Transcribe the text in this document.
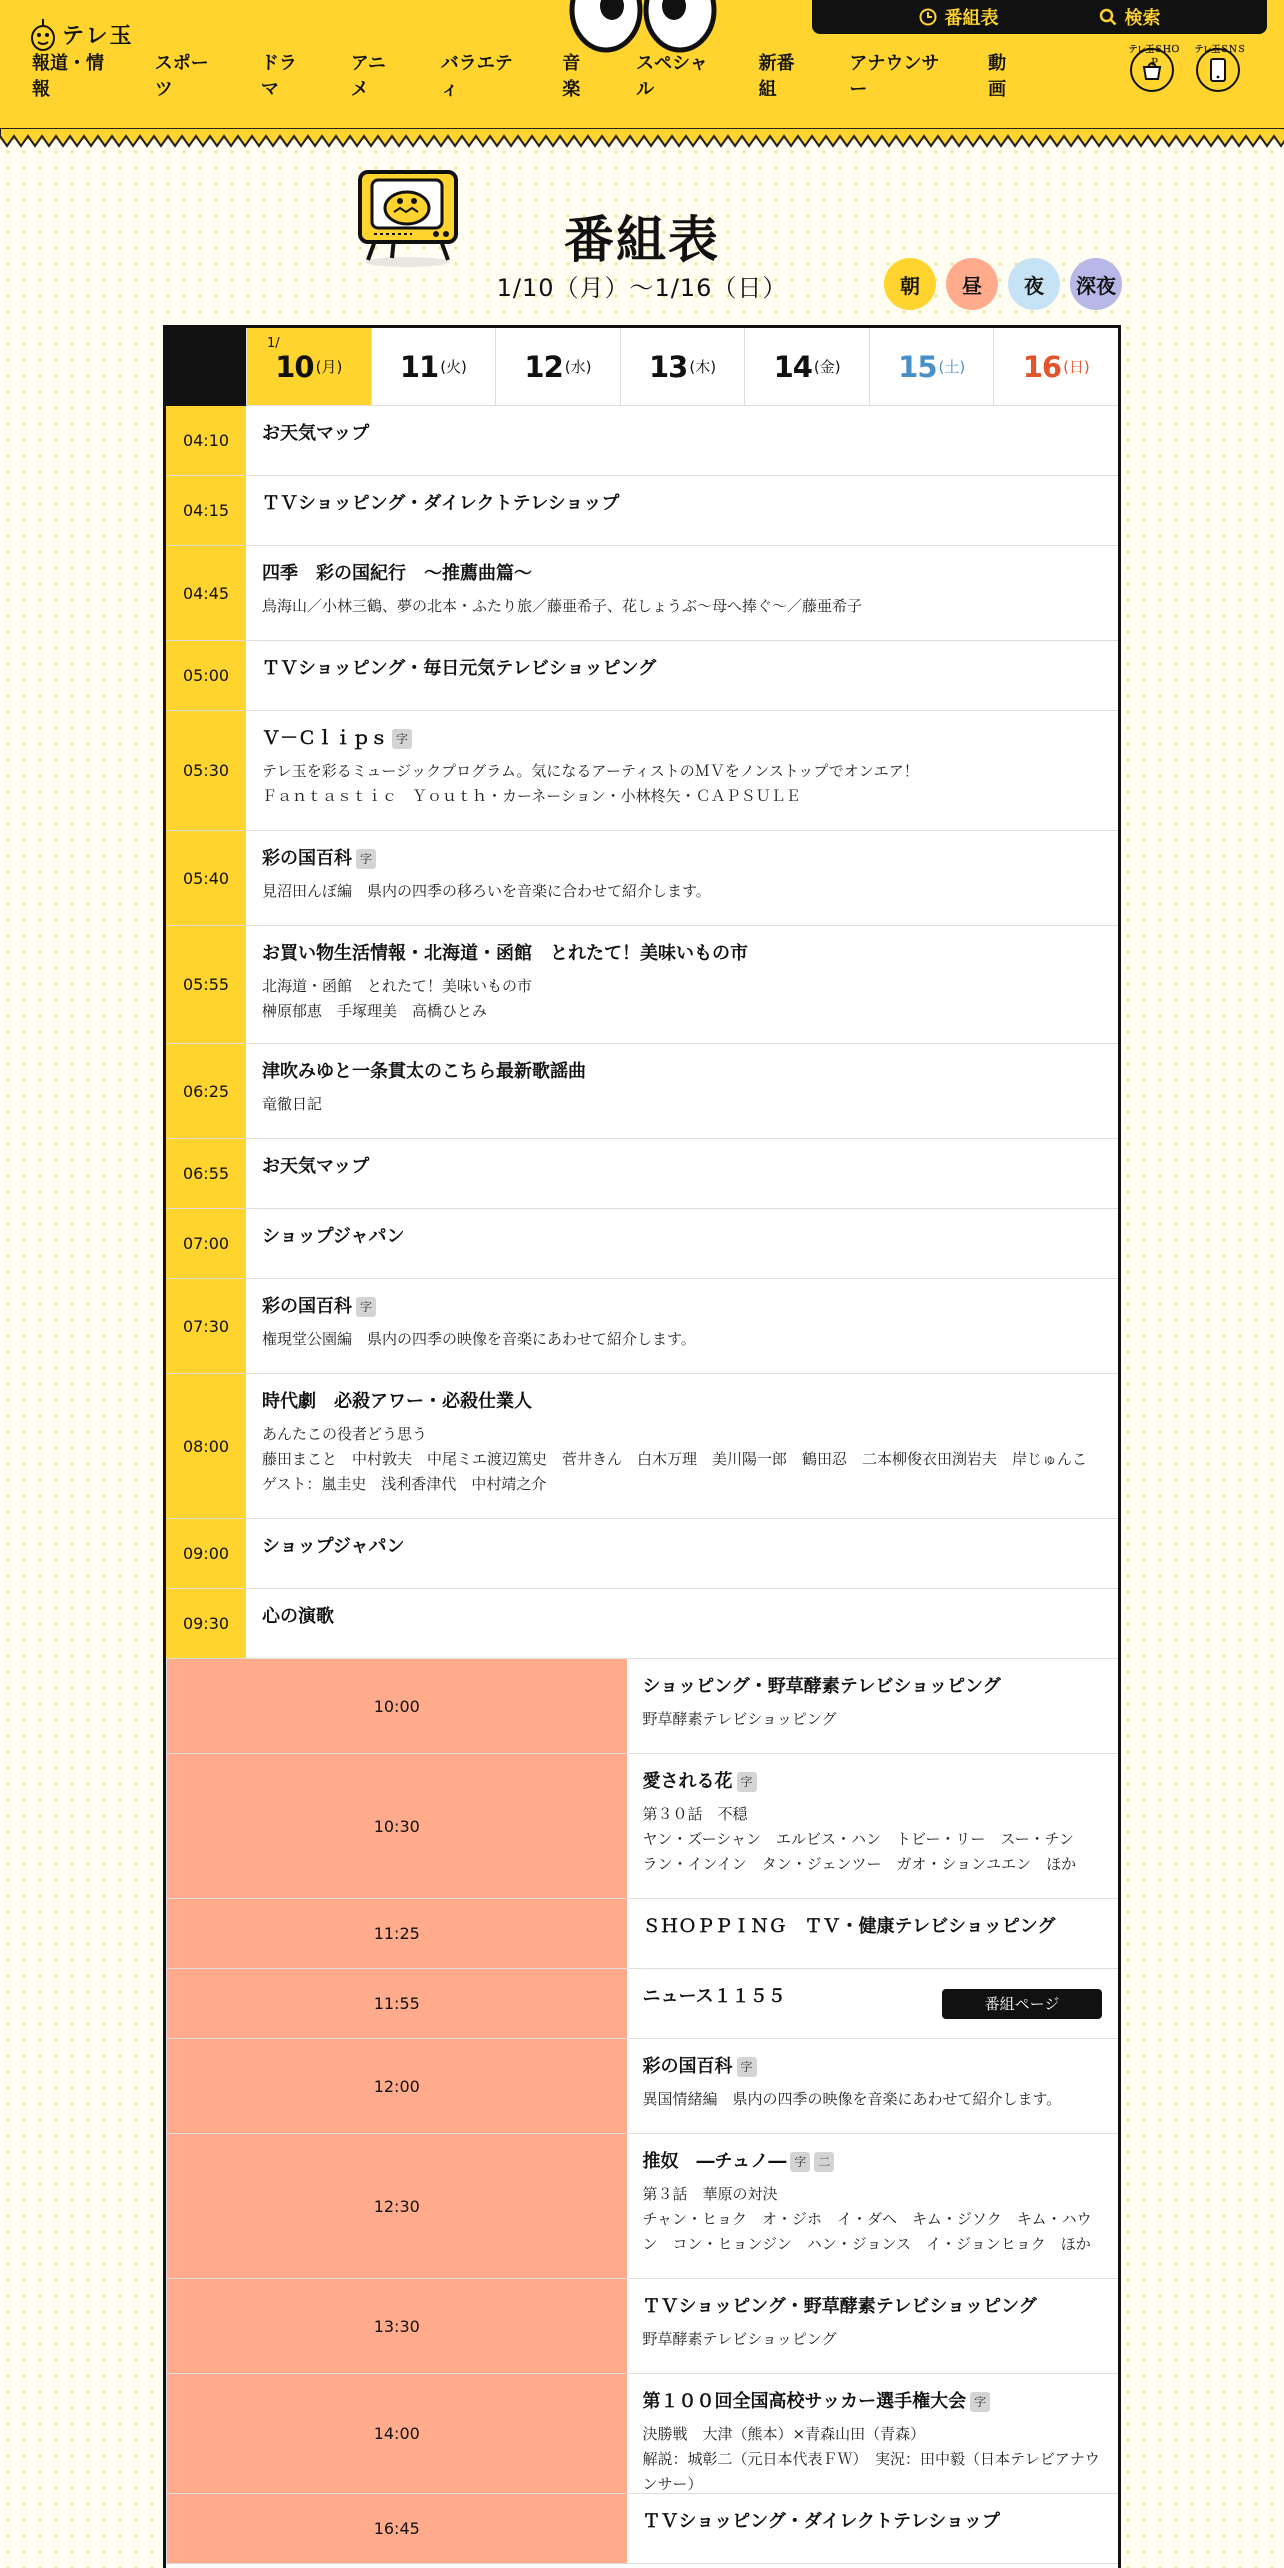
テレ玉
番組表	検索
報道・情報
スポーツ
ドラマ
アニメ
バラエティ
音楽
スペシャル
新番組
アナウンサー
動画
テレ玉ＳＨＯＰ
テレ玉ＳＮＳ
番組表
1/10（月）〜1/16（日）	朝	昼	夜	深夜
1/
10 (月) 11 (火) 12 (水) 13 (木) 14 (金) 15 (土) 16 (日)
04:10	お天気マップ
04:15	ＴＶショッピング・ダイレクトテレショップ
04:45
四季　彩の国紀行　～推薦曲篇～
鳥海山／小林三鶴、夢の北本・ふたり旅／藤亜希子、花しょうぶ～母へ捧ぐ～／藤亜希子
05:00	ＴＶショッピング・毎日元気テレビショッピング
05:30
Ｖ－Ｃｌｉｐｓ 字
テレ玉を彩るミュージックプログラム。気になるアーティストのＭＶをノンストップでオンエア！
Ｆａｎｔａｓｔｉｃ　Ｙｏｕｔｈ・カーネーション・小林柊矢・ＣＡＰＳＵＬＥ
05:40
彩の国百科 字
見沼田んぼ編　県内の四季の移ろいを音楽に合わせて紹介します。
05:55
お買い物生活情報・北海道・函館　とれたて！美味いもの市
北海道・函館　とれたて！美味いもの市
榊原郁恵　手塚理美　高橋ひとみ
06:25
津吹みゆと一条貫太のこちら最新歌謡曲
竜徹日記
06:55	お天気マップ
07:00	ショップジャパン
07:30
彩の国百科 字
権現堂公園編　県内の四季の映像を音楽にあわせて紹介します。
08:00
時代劇　必殺アワー・必殺仕業人
あんたこの役者どう思う
藤田まこと　中村敦夫　中尾ミエ渡辺篤史　菅井きん　白木万理　美川陽一郎　鶴田忍　二本柳俊衣田渕岩夫　岸じゅんこ　ゲスト：嵐圭史　浅利香津代　中村靖之介
09:00	ショップジャパン
09:30	心の演歌
10:00
ショッピング・野草酵素テレビショッピング
野草酵素テレビショッピング
10:30
愛される花 字
第３０話　不穏
ヤン・ズーシャン　エルビス・ハン　トビー・リー　スー・チン　ラン・インイン　タン・ジェンツー　ガオ・ションユエン　ほか
11:25	ＳＨＯＰＰＩＮＧ　ＴＶ・健康テレビショッピング
11:55	ニュース１１５５	番組ページ
12:00
彩の国百科 字
異国情緒編　県内の四季の映像を音楽にあわせて紹介します。
12:30
推奴　―チュノ― 字 二
第３話　華原の対決
チャン・ヒョク　オ・ジホ　イ・ダヘ　キム・ジソク　キム・ハウン　コン・ヒョンジン　ハン・ジョンス　イ・ジョンヒョク　ほか
13:30
ＴＶショッピング・野草酵素テレビショッピング
野草酵素テレビショッピング
14:00
第１００回全国高校サッカー選手権大会 字
決勝戦　大津（熊本）×青森山田（青森）
解説：城彰二（元日本代表ＦＷ）　実況：田中毅（日本テレビアナウンサー）
16:45	ＴＶショッピング・ダイレクトテレショップ
